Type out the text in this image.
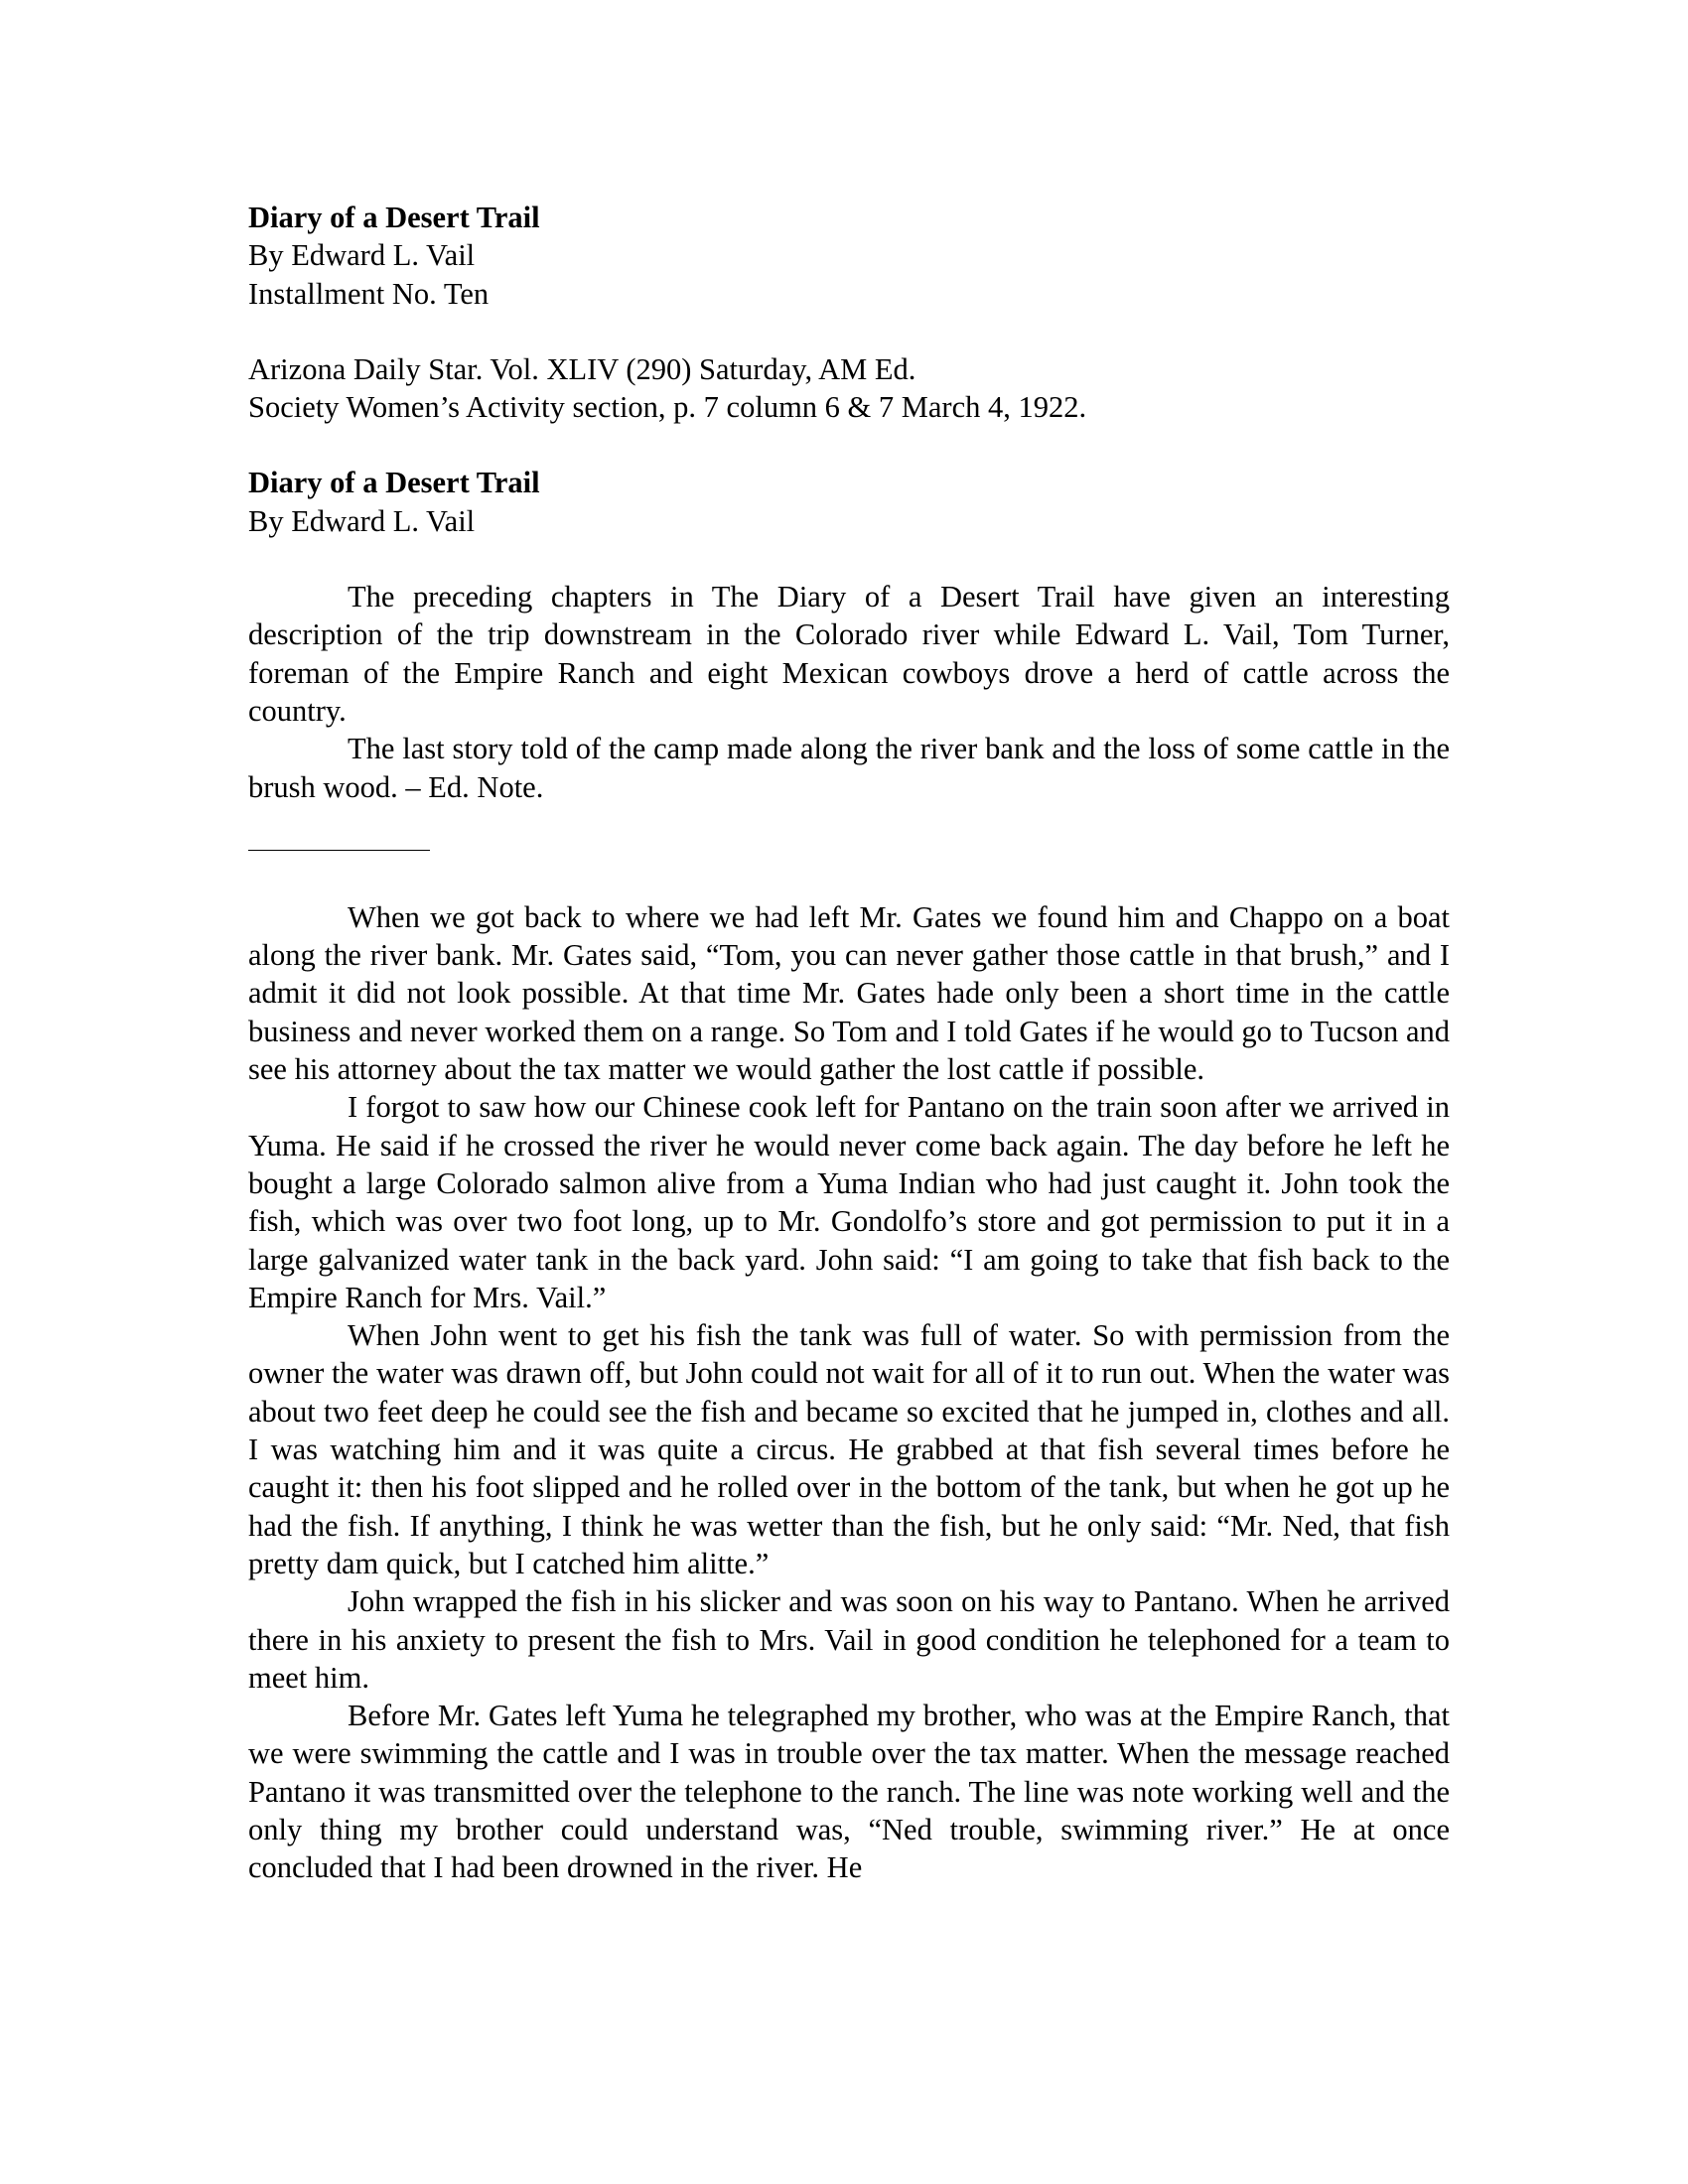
Diary of a Desert Trail
By Edward L. Vail
Installment No. Ten
Arizona Daily Star. Vol. XLIV (290) Saturday, AM Ed.
Society Women’s Activity section, p. 7 column 6 & 7 March 4, 1922.
Diary of a Desert Trail
By Edward L. Vail

The preceding chapters in The Diary of a Desert Trail have given an interesting description of the trip downstream in the Colorado river while Edward L. Vail, Tom Turner, foreman of the Empire Ranch and eight Mexican cowboys drove a herd of cattle across the country.

The last story told of the camp made along the river bank and the loss of some cattle in the brush wood. – Ed. Note.

When we got back to where we had left Mr. Gates we found him and Chappo on a boat along the river bank. Mr. Gates said, “Tom, you can never gather those cattle in that brush,” and I admit it did not look possible. At that time Mr. Gates hade only been a short time in the cattle business and never worked them on a range. So Tom and I told Gates if he would go to Tucson and see his attorney about the tax matter we would gather the lost cattle if possible.

I forgot to saw how our Chinese cook left for Pantano on the train soon after we arrived in Yuma. He said if he crossed the river he would never come back again. The day before he left he bought a large Colorado salmon alive from a Yuma Indian who had just caught it. John took the fish, which was over two foot long, up to Mr. Gondolfo’s store and got permission to put it in a large galvanized water tank in the back yard. John said: “I am going to take that fish back to the Empire Ranch for Mrs. Vail.”

When John went to get his fish the tank was full of water. So with permission from the owner the water was drawn off, but John could not wait for all of it to run out. When the water was about two feet deep he could see the fish and became so excited that he jumped in, clothes and all. I was watching him and it was quite a circus. He grabbed at that fish several times before he caught it: then his foot slipped and he rolled over in the bottom of the tank, but when he got up he had the fish. If anything, I think he was wetter than the fish, but he only said: “Mr. Ned, that fish pretty dam quick, but I catched him alitte.”

John wrapped the fish in his slicker and was soon on his way to Pantano. When he arrived there in his anxiety to present the fish to Mrs. Vail in good condition he telephoned for a team to meet him.

Before Mr. Gates left Yuma he telegraphed my brother, who was at the Empire Ranch, that we were swimming the cattle and I was in trouble over the tax matter. When the message reached Pantano it was transmitted over the telephone to the ranch. The line was note working well and the only thing my brother could understand was, “Ned trouble, swimming river.” He at once concluded that I had been drowned in the river. He
